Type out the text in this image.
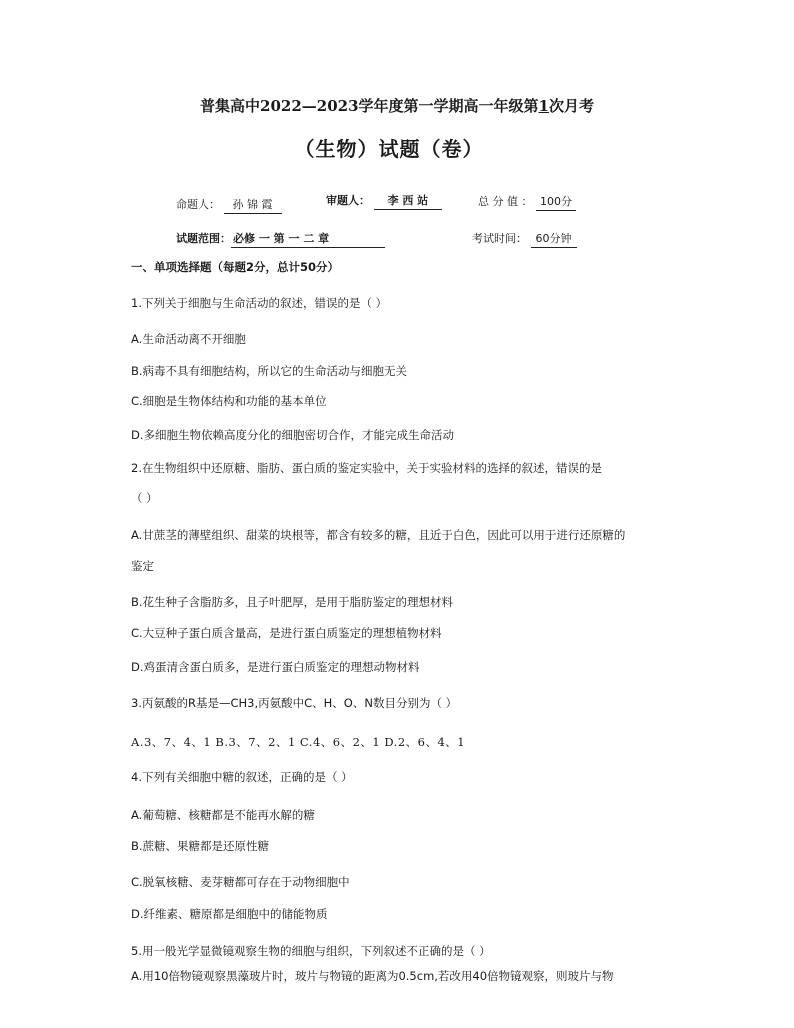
普集高中2022—2023学年度第一学期高一年级第1次月考
（生物）试题（卷）
命题人： 孙 锦 霞	审题人： 李 西 站	总 分 值 ： 100分
试题范围： 必修 一 第 一 二 章	考试时间： 60分钟
一、单项选择题（每题2分，总计50分）
1.下列关于细胞与生命活动的叙述，错误的是（ ）
A.生命活动离不开细胞
B.病毒不具有细胞结构，所以它的生命活动与细胞无关
C.细胞是生物体结构和功能的基本单位
D.多细胞生物依赖高度分化的细胞密切合作，才能完成生命活动
2.在生物组织中还原糖、脂肪、蛋白质的鉴定实验中，关于实验材料的选择的叙述，错误的是
（ ）
A.甘蔗茎的薄壁组织、甜菜的块根等，都含有较多的糖，且近于白色，因此可以用于进行还原糖的
鉴定
B.花生种子含脂肪多，且子叶肥厚，是用于脂肪鉴定的理想材料
C.大豆种子蛋白质含量高，是进行蛋白质鉴定的理想植物材料
D.鸡蛋清含蛋白质多，是进行蛋白质鉴定的理想动物材料
3.丙氨酸的R基是—CH3,丙氨酸中C、H、O、N数目分别为（ ）
A.3、7、4、1 B.3、7、2、1 C.4、6、2、1 D.2、6、4、1
4.下列有关细胞中糖的叙述，正确的是（ ）
A.葡萄糖、核糖都是不能再水解的糖
B.蔗糖、果糖都是还原性糖
C.脱氧核糖、麦芽糖都可存在于动物细胞中
D.纤维素、糖原都是细胞中的储能物质
5.用一般光学显微镜观察生物的细胞与组织，下列叙述不正确的是（ ）
A.用10倍物镜观察黑藻玻片时，玻片与物镜的距离为0.5cm,若改用40倍物镜观察，则玻片与物
